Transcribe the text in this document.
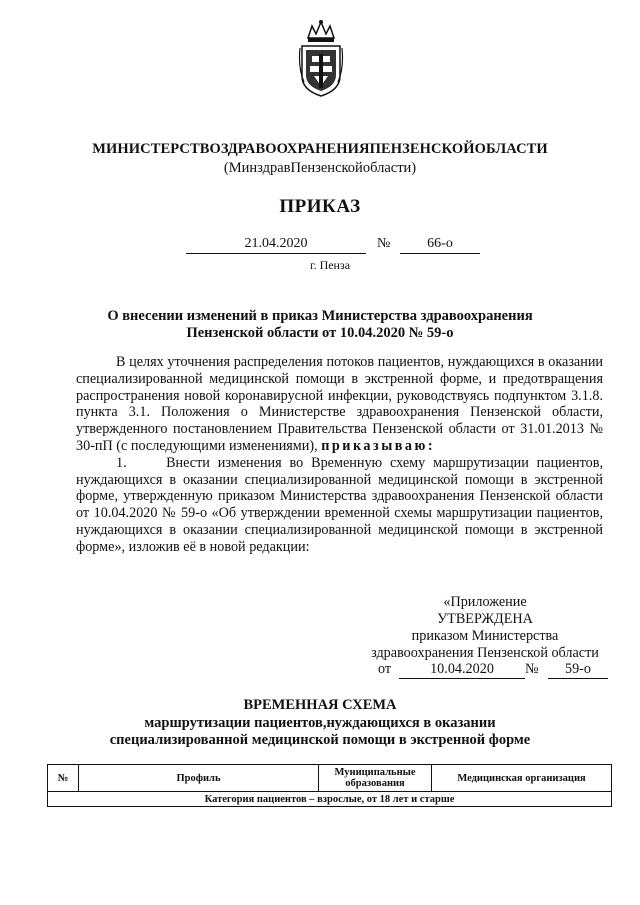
МИНИСТЕРСТВОЗДРАВООХРАНЕНИЯПЕНЗЕНСКОЙОБЛАСТИ
(МинздравПензенскойобласти)
ПРИКАЗ
21.04.2020	№	66-о
г. Пенза
О внесении изменений в приказ Министерства здравоохранения
Пензенской области от 10.04.2020 № 59-о

В целях уточнения распределения потоков пациентов, нуждающихся в оказании специализированной медицинской помощи в экстренной форме, и предотвращения распространения новой коронавирусной инфекции, руководствуясь подпунктом 3.1.8. пункта 3.1. Положения о Министерстве здравоохранения Пензенской области, утвержденного постановлением Правительства Пензенской области от 31.01.2013 № 30-пП (с последующими изменениями), приказываю:

1.	Внести изменения во Временную схему маршрутизации пациентов, нуждающихся в оказании специализированной медицинской помощи в экстренной форме, утвержденную приказом Министерства здравоохранения Пензенской области от 10.04.2020 № 59-о «Об утверждении временной схемы маршрутизации пациентов, нуждающихся в оказании специализированной медицинской помощи в экстренной форме», изложив её в новой редакции:

«Приложение
УТВЕРЖДЕНА
приказом Министерства
здравоохранения Пензенской области
от	10.04.2020	№	59-о
ВРЕМЕННАЯ СХЕМА
маршрутизации пациентов,нуждающихся в оказании
специализированной медицинской помощи в экстренной форме
№	Профиль	Муниципальные образования	Медицинская организация
Категория пациентов – взрослые, от 18 лет и старше
